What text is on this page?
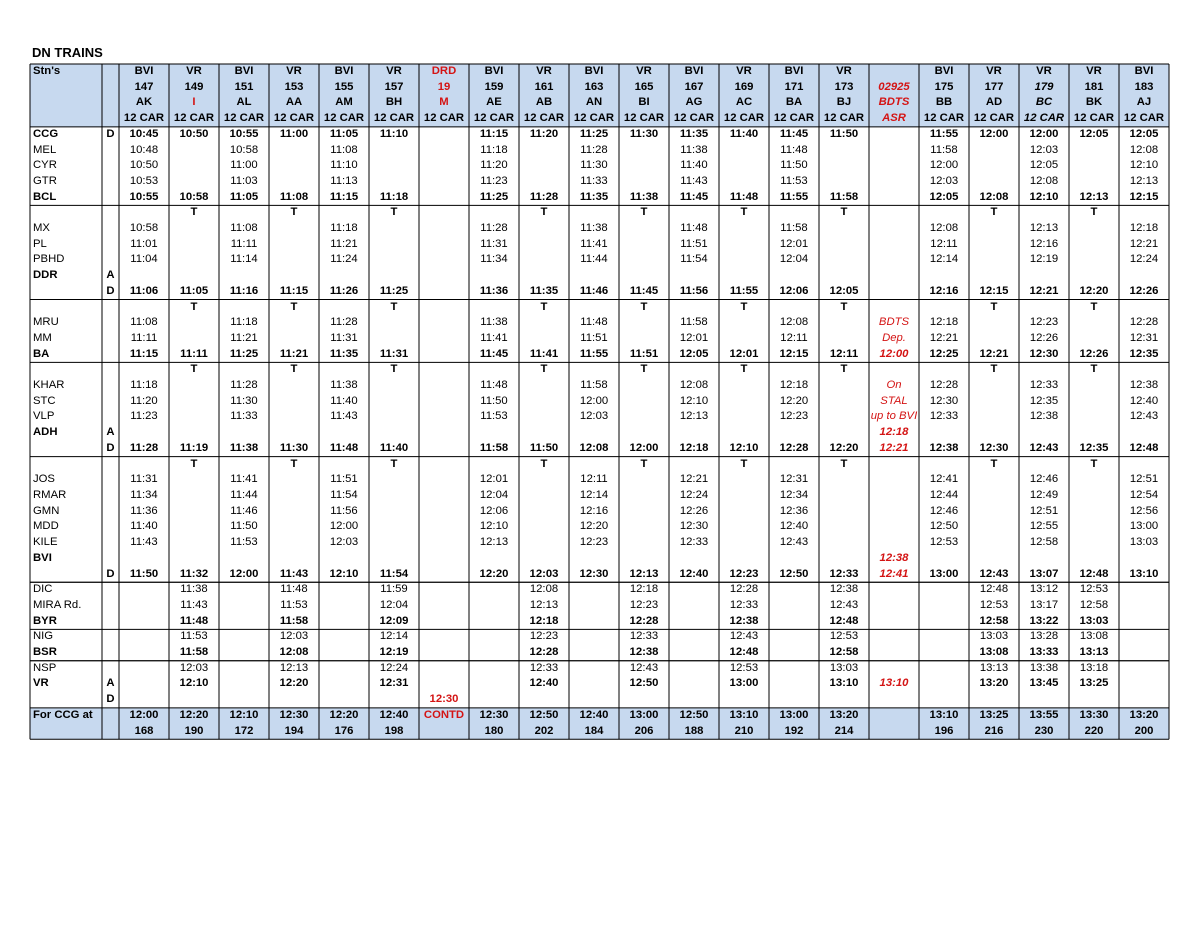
DN TRAINS
Stn's		BVI	VR	BVI	VR	BVI	VR	DRD	BVI	VR	BVI	VR	BVI	VR	BVI	VR		BVI	VR	VR	VR	BVI
		147	149	151	153	155	157	19	159	161	163	165	167	169	171	173	02925	175	177	179	181	183
		AK	I	AL	AA	AM	BH	M	AE	AB	AN	BI	AG	AC	BA	BJ	BDTS	BB	AD	BC	BK	AJ
		12 CAR	12 CAR	12 CAR	12 CAR	12 CAR	12 CAR	12 CAR	12 CAR	12 CAR	12 CAR	12 CAR	12 CAR	12 CAR	12 CAR	12 CAR	ASR	12 CAR	12 CAR	12 CAR	12 CAR	12 CAR
CCG	D	10:45	10:50	10:55	11:00	11:05	11:10		11:15	11:20	11:25	11:30	11:35	11:40	11:45	11:50		11:55	12:00	12:00	12:05	12:05
MEL		10:48		10:58		11:08			11:18		11:28		11:38		11:48			11:58		12:03		12:08
CYR		10:50		11:00		11:10			11:20		11:30		11:40		11:50			12:00		12:05		12:10
GTR		10:53		11:03		11:13			11:23		11:33		11:43		11:53			12:03		12:08		12:13
BCL		10:55	10:58	11:05	11:08	11:15	11:18		11:25	11:28	11:35	11:38	11:45	11:48	11:55	11:58		12:05	12:08	12:10	12:13	12:15
			T		T		T			T		T		T		T			T		T	
MX		10:58		11:08		11:18			11:28		11:38		11:48		11:58			12:08		12:13		12:18
PL		11:01		11:11		11:21			11:31		11:41		11:51		12:01			12:11		12:16		12:21
PBHD		11:04		11:14		11:24			11:34		11:44		11:54		12:04			12:14		12:19		12:24
DDR	A																					
	D	11:06	11:05	11:16	11:15	11:26	11:25		11:36	11:35	11:46	11:45	11:56	11:55	12:06	12:05		12:16	12:15	12:21	12:20	12:26
			T		T		T			T		T		T		T			T		T	
MRU		11:08		11:18		11:28			11:38		11:48		11:58		12:08		BDTS	12:18		12:23		12:28
MM		11:11		11:21		11:31			11:41		11:51		12:01		12:11		Dep.	12:21		12:26		12:31
BA		11:15	11:11	11:25	11:21	11:35	11:31		11:45	11:41	11:55	11:51	12:05	12:01	12:15	12:11	12:00	12:25	12:21	12:30	12:26	12:35
			T		T		T			T		T		T		T			T		T	
KHAR		11:18		11:28		11:38			11:48		11:58		12:08		12:18		On	12:28		12:33		12:38
STC		11:20		11:30		11:40			11:50		12:00		12:10		12:20		STAL	12:30		12:35		12:40
VLP		11:23		11:33		11:43			11:53		12:03		12:13		12:23		up to BVI	12:33		12:38		12:43
ADH	A																12:18					
	D	11:28	11:19	11:38	11:30	11:48	11:40		11:58	11:50	12:08	12:00	12:18	12:10	12:28	12:20	12:21	12:38	12:30	12:43	12:35	12:48
			T		T		T			T		T		T		T			T		T	
JOS		11:31		11:41		11:51			12:01		12:11		12:21		12:31			12:41		12:46		12:51
RMAR		11:34		11:44		11:54			12:04		12:14		12:24		12:34			12:44		12:49		12:54
GMN		11:36		11:46		11:56			12:06		12:16		12:26		12:36			12:46		12:51		12:56
MDD		11:40		11:50		12:00			12:10		12:20		12:30		12:40			12:50		12:55		13:00
KILE		11:43		11:53		12:03			12:13		12:23		12:33		12:43			12:53		12:58		13:03
BVI																	12:38					
	D	11:50	11:32	12:00	11:43	12:10	11:54		12:20	12:03	12:30	12:13	12:40	12:23	12:50	12:33	12:41	13:00	12:43	13:07	12:48	13:10

DIC			11:38		11:48		11:59			12:08		12:18		12:28		12:38			12:48	13:12	12:53	
MIRA Rd.			11:43		11:53		12:04			12:13		12:23		12:33		12:43			12:53	13:17	12:58	
BYR			11:48		11:58		12:09			12:18		12:28		12:38		12:48			12:58	13:22	13:03	
NIG			11:53		12:03		12:14			12:23		12:33		12:43		12:53			13:03	13:28	13:08	
BSR			11:58		12:08		12:19			12:28		12:38		12:48		12:58			13:08	13:33	13:13	

NSP			12:03		12:13		12:24			12:33		12:43		12:53		13:03			13:13	13:38	13:18	
VR	A		12:10		12:20		12:31			12:40		12:50		13:00		13:10	13:10		13:20	13:45	13:25	
	D							12:30														
For CCG at		12:00	12:20	12:10	12:30	12:20	12:40	CONTD	12:30	12:50	12:40	13:00	12:50	13:10	13:00	13:20		13:10	13:25	13:55	13:30	13:20
		168	190	172	194	176	198		180	202	184	206	188	210	192	214		196	216	230	220	200
